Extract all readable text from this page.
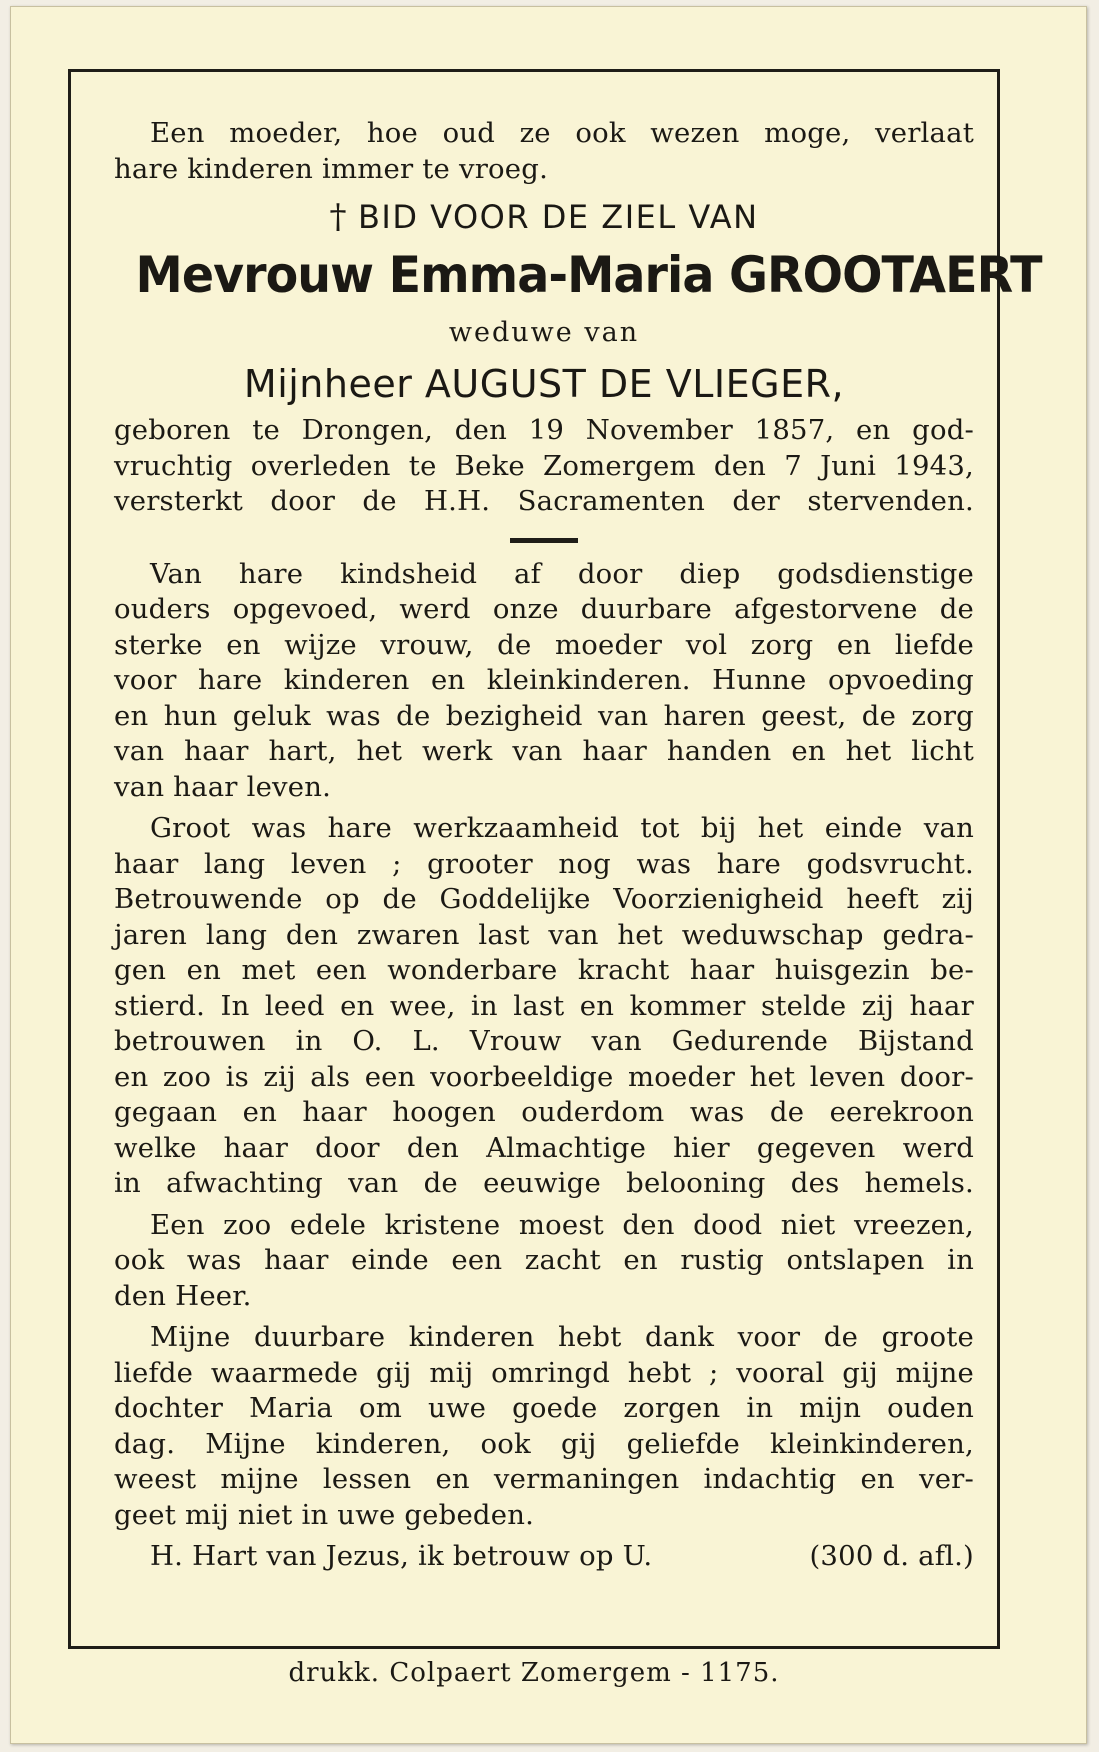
Een moeder, hoe oud ze ook wezen moge, verlaat
hare kinderen immer te vroeg.
† BID VOOR DE ZIEL VAN
Mevrouw Emma-Maria GROOTAERT
weduwe van
Mijnheer AUGUST DE VLIEGER,
geboren te Drongen, den 19 November 1857, en god-
vruchtig overleden te Beke Zomergem den 7 Juni 1943,
versterkt door de H.H. Sacramenten der stervenden.
Van hare kindsheid af door diep godsdienstige
ouders opgevoed, werd onze duurbare afgestorvene de
sterke en wijze vrouw, de moeder vol zorg en liefde
voor hare kinderen en kleinkinderen. Hunne opvoeding
en hun geluk was de bezigheid van haren geest, de zorg
van haar hart, het werk van haar handen en het licht
van haar leven.
Groot was hare werkzaamheid tot bij het einde van
haar lang leven ; grooter nog was hare godsvrucht.
Betrouwende op de Goddelijke Voorzienigheid heeft zij
jaren lang den zwaren last van het weduwschap gedra-
gen en met een wonderbare kracht haar huisgezin be-
stierd. In leed en wee, in last en kommer stelde zij haar
betrouwen in O. L. Vrouw van Gedurende Bijstand
en zoo is zij als een voorbeeldige moeder het leven door-
gegaan en haar hoogen ouderdom was de eerekroon
welke haar door den Almachtige hier gegeven werd
in afwachting van de eeuwige belooning des hemels.
Een zoo edele kristene moest den dood niet vreezen,
ook was haar einde een zacht en rustig ontslapen in
den Heer.
Mijne duurbare kinderen hebt dank voor de groote
liefde waarmede gij mij omringd hebt ; vooral gij mijne
dochter Maria om uwe goede zorgen in mijn ouden
dag. Mijne kinderen, ook gij geliefde kleinkinderen,
weest mijne lessen en vermaningen indachtig en ver-
geet mij niet in uwe gebeden.
H. Hart van Jezus, ik betrouw op U.	(300 d. afl.)
drukk. Colpaert Zomergem - 1175.
